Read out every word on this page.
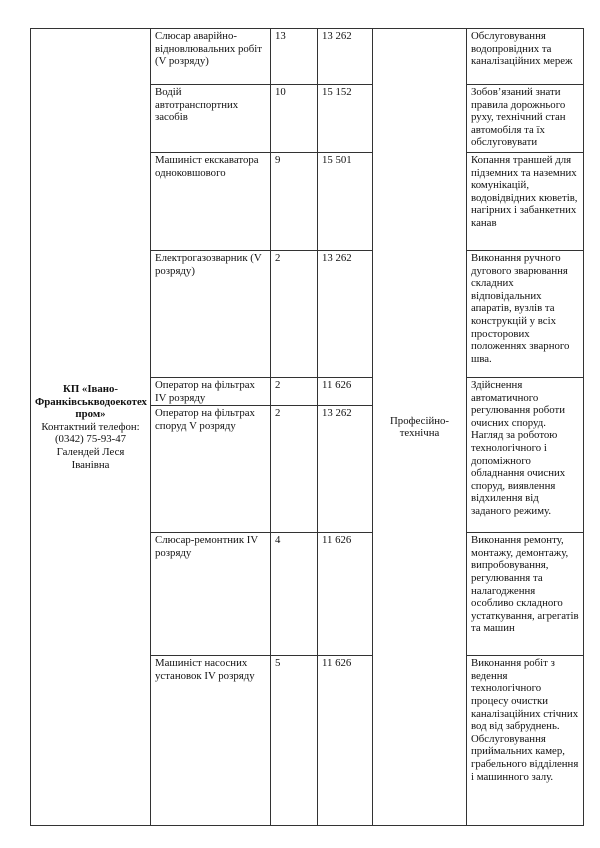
КП «Івано-Франківськводоекотех пром»
Контактний телефон:
(0342) 75-93-47
Галендей Леся
Іванівна	Слюсар аварійно-відновлювальних робіт (V розряду)	13	13 262	Професійно-технічна	Обслуговування водопровідних та каналізаційних мереж
	Водій автотранспортних засобів	10	15 152		Зобов’язаний знати правила дорожнього руху, технічний стан автомобіля та їх обслуговувати
	Машиніст екскаватора одноковшового	9	15 501		Копання траншей для підземних та наземних комунікацій, водовідвідних кюветів, нагірних і забанкетних канав
	Електрогазозварник (V розряду)	2	13 262		Виконання ручного дугового зварювання складних відповідальних апаратів, вузлів та конструкцій у всіх просторових положеннях зварного шва.
	Оператор на фільтрах IV розряду	2	11 626		Здійснення автоматичного регулювання роботи очисних споруд. Нагляд за роботою технологічного і допоміжного обладнання очисних споруд, виявлення відхилення від заданого режиму.
	Оператор на фільтрах споруд V розряду	2	13 262		
	Слюсар-ремонтник IV розряду	4	11 626		Виконання ремонту, монтажу, демонтажу, випробовування, регулювання та налагодження особливо складного устаткування, агрегатів та машин
	Машиніст насосних установок IV розряду	5	11 626		Виконання робіт з ведення технологічного процесу очистки каналізаційних стічних вод від забруднень. Обслуговування приймальних камер, грабельного відділення і машинного залу.
